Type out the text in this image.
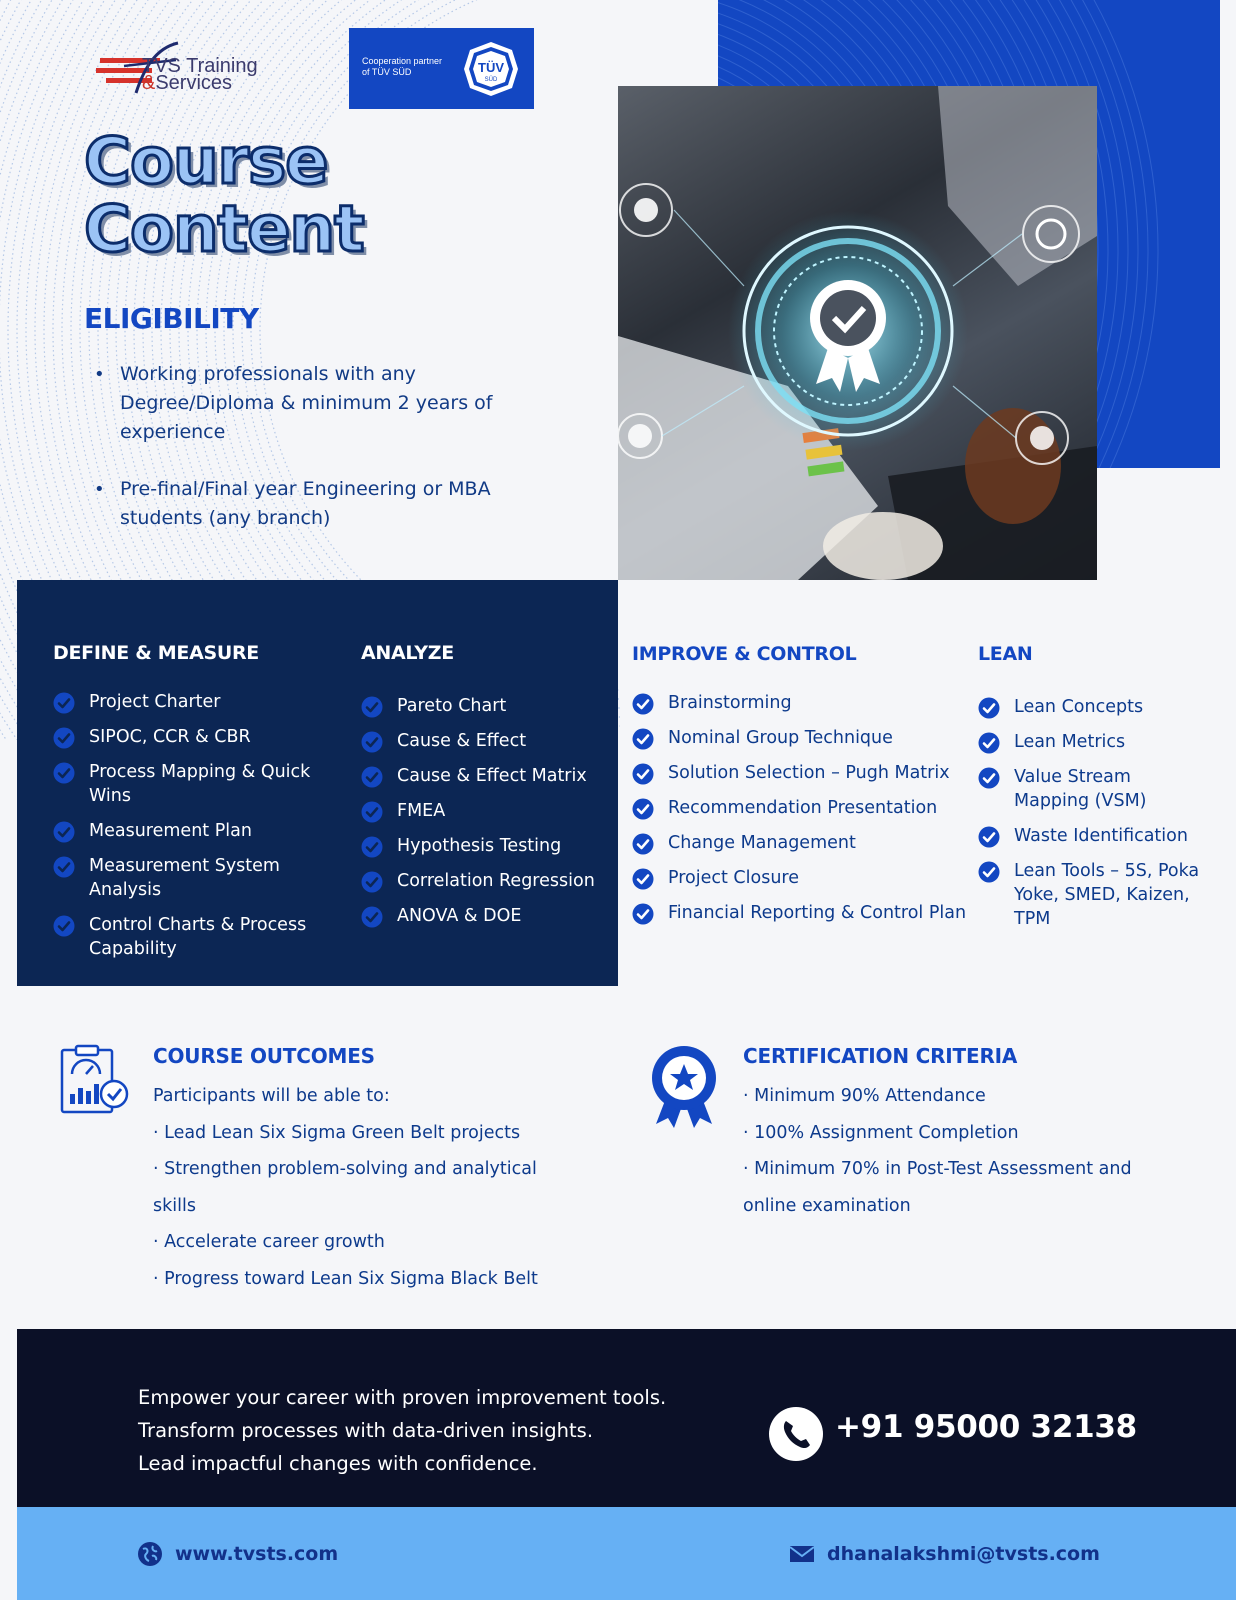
TVS Training
&Services
Cooperation partner
of TÜV SÜD	TÜV
SÜD
Course
Content
ELIGIBILITY
• Working professionals with any Degree/Diploma & minimum 2 years of experience
• Pre-final/Final year Engineering or MBA students (any branch)
DEFINE & MEASURE
Project Charter
SIPOC, CCR & CBR
Process Mapping & Quick Wins
Measurement Plan
Measurement System Analysis
Control Charts & Process Capability
ANALYZE
Pareto Chart
Cause & Effect
Cause & Effect Matrix
FMEA
Hypothesis Testing
Correlation Regression
ANOVA & DOE
IMPROVE & CONTROL
Brainstorming
Nominal Group Technique
Solution Selection – Pugh Matrix
Recommendation Presentation
Change Management
Project Closure
Financial Reporting & Control Plan
LEAN
Lean Concepts
Lean Metrics
Value Stream Mapping (VSM)
Waste Identification
Lean Tools – 5S, Poka Yoke, SMED, Kaizen, TPM
COURSE OUTCOMES
Participants will be able to:
· Lead Lean Six Sigma Green Belt projects
· Strengthen problem-solving and analytical skills
· Accelerate career growth
· Progress toward Lean Six Sigma Black Belt
CERTIFICATION CRITERIA
· Minimum 90% Attendance
· 100% Assignment Completion
· Minimum 70% in Post-Test Assessment and online examination
Empower your career with proven improvement tools.
Transform processes with data-driven insights.
Lead impactful changes with confidence.
+91 95000 32138
www.tvsts.com	dhanalakshmi@tvsts.com
